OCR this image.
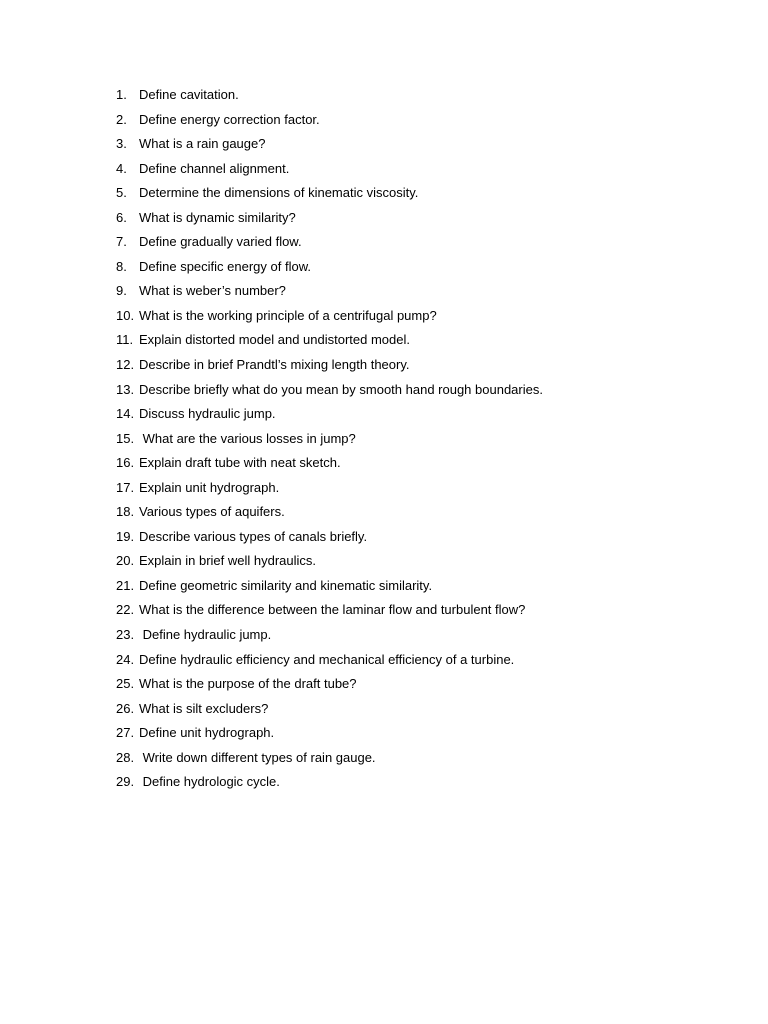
1. Define cavitation.
2. Define energy correction factor.
3. What is a rain gauge?
4. Define channel alignment.
5. Determine the dimensions of kinematic viscosity.
6. What is dynamic similarity?
7. Define gradually varied flow.
8. Define specific energy of flow.
9. What is weber’s number?
10. What is the working principle of a centrifugal pump?
11. Explain distorted model and undistorted model.
12. Describe in brief Prandtl’s mixing length theory.
13. Describe briefly what do you mean by smooth hand rough boundaries.
14. Discuss hydraulic jump.
15. What are the various losses in jump?
16. Explain draft tube with neat sketch.
17. Explain unit hydrograph.
18. Various types of aquifers.
19. Describe various types of canals briefly.
20. Explain in brief well hydraulics.
21. Define geometric similarity and kinematic similarity.
22. What is the difference between the laminar flow and turbulent flow?
23. Define hydraulic jump.
24. Define hydraulic efficiency and mechanical efficiency of a turbine.
25. What is the purpose of the draft tube?
26. What is silt excluders?
27. Define unit hydrograph.
28. Write down different types of rain gauge.
29. Define hydrologic cycle.
